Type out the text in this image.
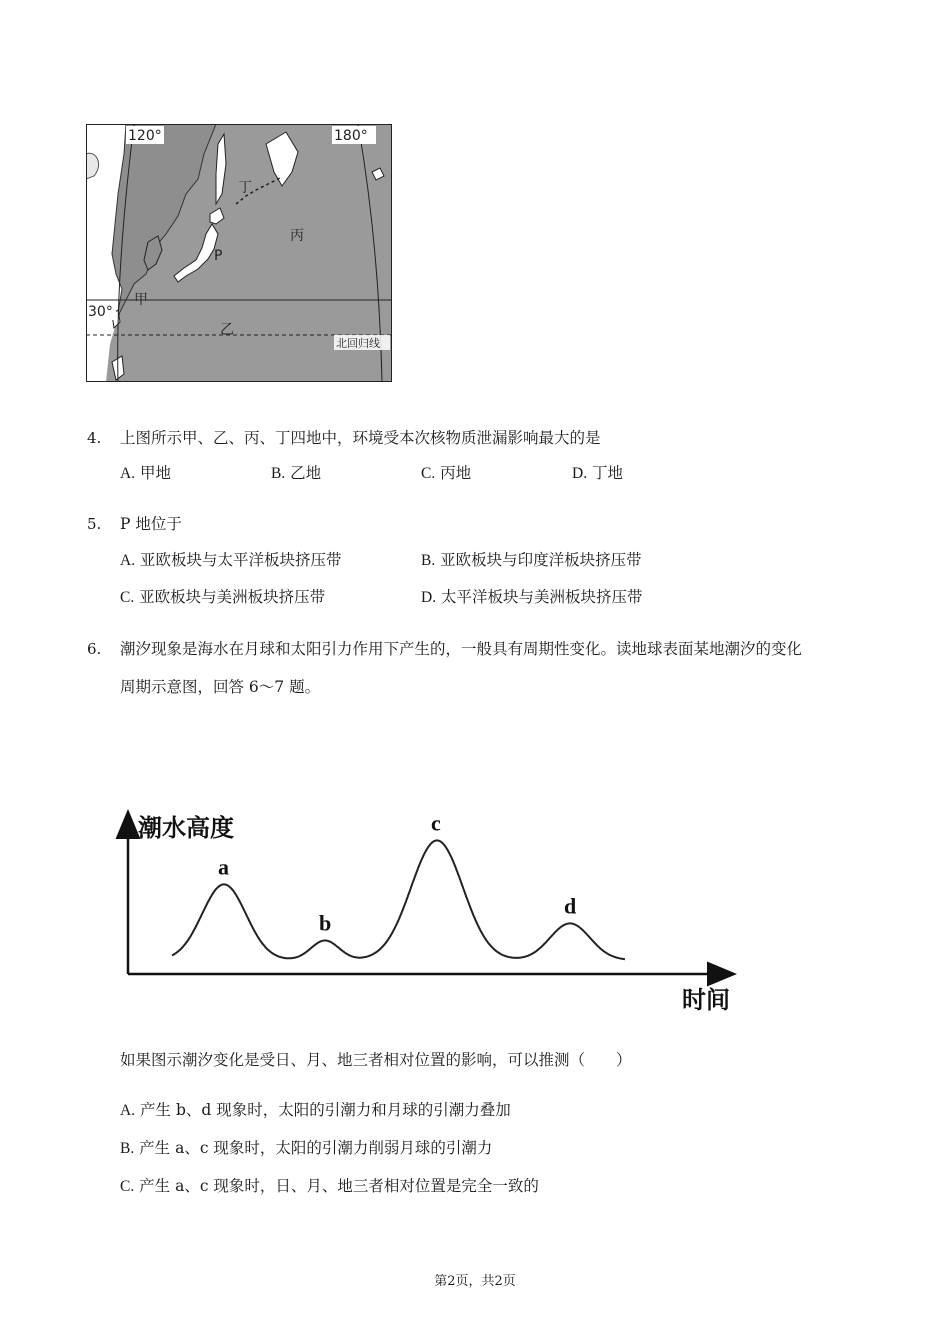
120°	180°
30°
北回归线
甲
乙
丙
丁
P
4. 上图所示甲、乙、丙、丁四地中，环境受本次核物质泄漏影响最大的是
A. 甲地	B. 乙地	C. 丙地	D. 丁地
5. P 地位于
A. 亚欧板块与太平洋板块挤压带	B. 亚欧板块与印度洋板块挤压带
C. 亚欧板块与美洲板块挤压带	D. 太平洋板块与美洲板块挤压带
6. 潮汐现象是海水在月球和太阳引力作用下产生的，一般具有周期性变化。读地球表面某地潮汐的变化
周期示意图，回答 6～7 题。
潮水高度
时间
a
b
c
d
如果图示潮汐变化是受日、月、地三者相对位置的影响，可以推测（　　）
A. 产生 b、d 现象时，太阳的引潮力和月球的引潮力叠加
B. 产生 a、c 现象时，太阳的引潮力削弱月球的引潮力
C. 产生 a、c 现象时，日、月、地三者相对位置是完全一致的
第2页，共2页
